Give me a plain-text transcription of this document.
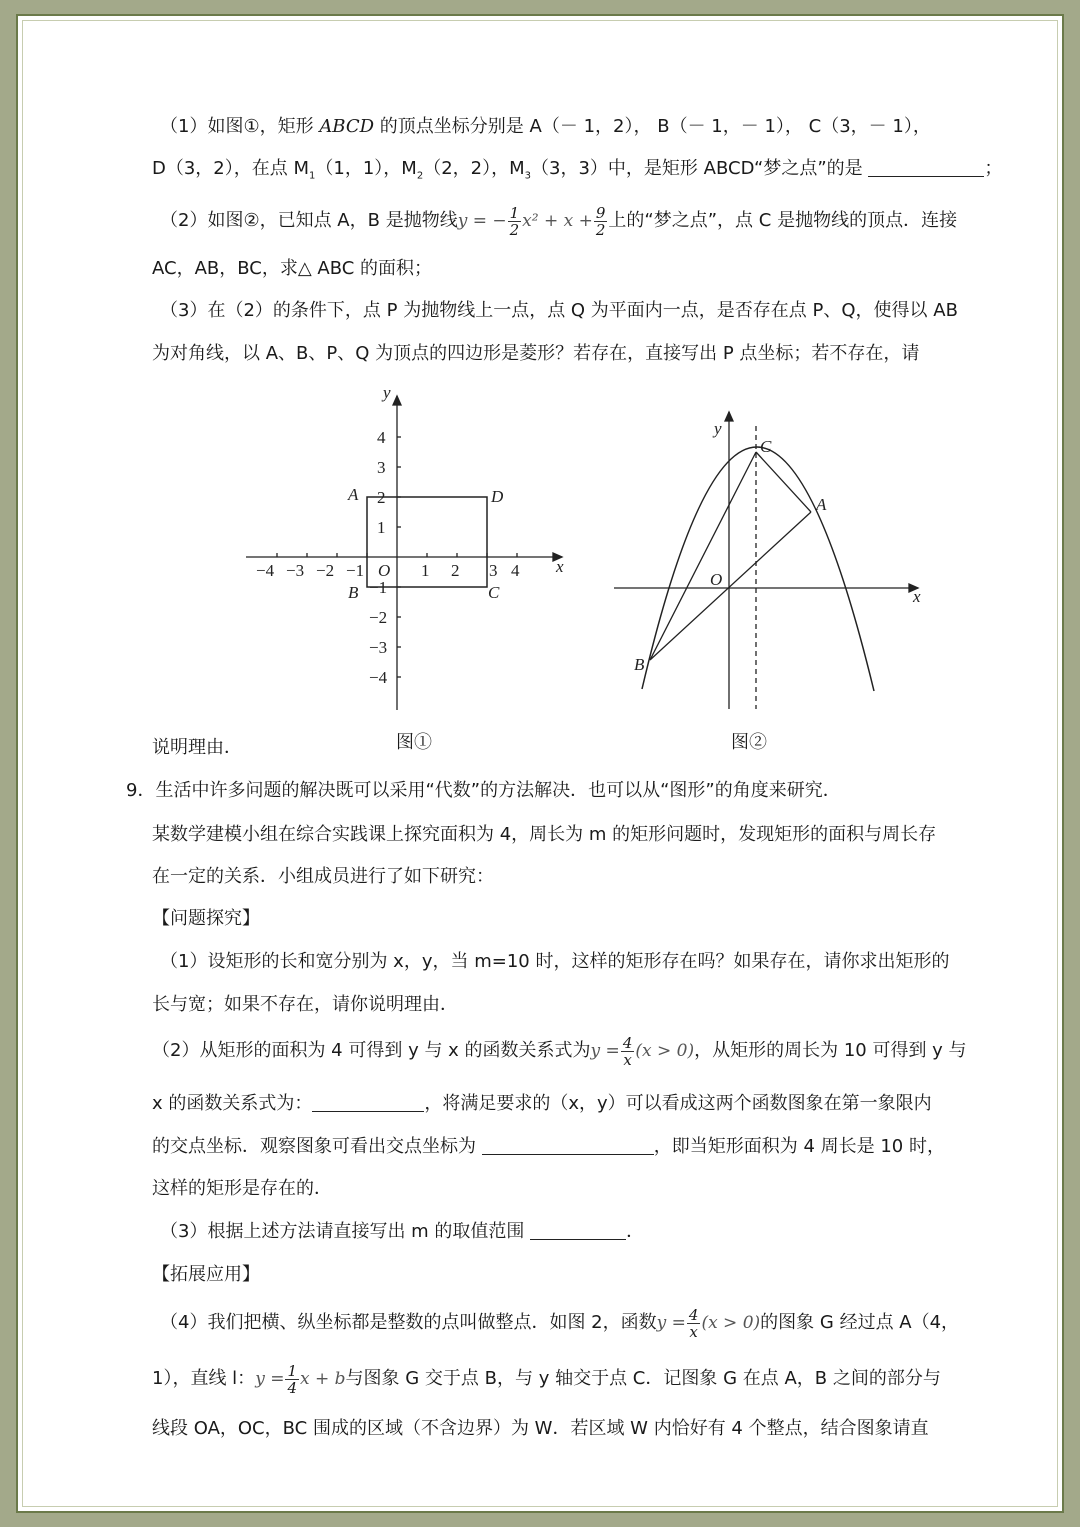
（1）如图①，矩形 ABCD 的顶点坐标分别是 A（－ 1，2）， B（－ 1，－ 1）， C（3，－ 1），
D（3，2），在点 $M_1(1$，1），$M_2(2$，2），$M_3(3$，3）中，是矩形 ABCD“梦之点”的是	；
（2）如图②，已知点 A，B 是抛物线y = − $\frac{1}{2} x^2 + x + \frac{9}{2}$ 上的“梦之点”，点 C 是抛物线的顶点．连接
AC，AB，BC，求△ ABC 的面积；
（3）在（2）的条件下，点 P 为抛物线上一点，点 Q 为平面内一点，是否存在点 P、Q，使得以 AB
为对角线，以 A、B、P、Q 为顶点的四边形是菱形？若存在，直接写出 P 点坐标；若不存在，请
−4 −3 −2 −1	1 2 3 4
4
3
2
1
−1
−2
−3
−4
x
y
O
A
B	C
D
x
y
O
A
B
C
说明理由．	图①	图②
9．生活中许多问题的解决既可以采用“代数”的方法解决．也可以从“图形”的角度来研究．
某数学建模小组在综合实践课上探究面积为 4，周长为 m 的矩形问题时，发现矩形的面积与周长存
在一定的关系．小组成员进行了如下研究：
【问题探究】
（1）设矩形的长和宽分别为 x，y，当 m=10 时，这样的矩形存在吗？如果存在，请你求出矩形的
长与宽；如果不存在，请你说明理由．
（2）从矩形的面积为 4 可得到 y 与 x 的函数关系式为$y = \frac{4}{x} (x > 0)$，从矩形的周长为 10 可得到 y 与
x 的函数关系式为：	，将满足要求的（x，y）可以看成这两个函数图象在第一象限内
的交点坐标．观察图象可看出交点坐标为	，即当矩形面积为 4 周长是 10 时，
这样的矩形是存在的．
（3）根据上述方法请直接写出 m 的取值范围	．
【拓展应用】
（4）我们把横、纵坐标都是整数的点叫做整点．如图 2，函数$y = \frac{4}{x} (x > 0)$的图象 G 经过点 A（4，
1），直线 l：$y = \frac{1}{4}$ x + b与图象 G 交于点 B，与 y 轴交于点 C．记图象 G 在点 A，B 之间的部分与
线段 OA，OC，BC 围成的区域（不含边界）为 W．若区域 W 内恰好有 4 个整点，结合图象请直
